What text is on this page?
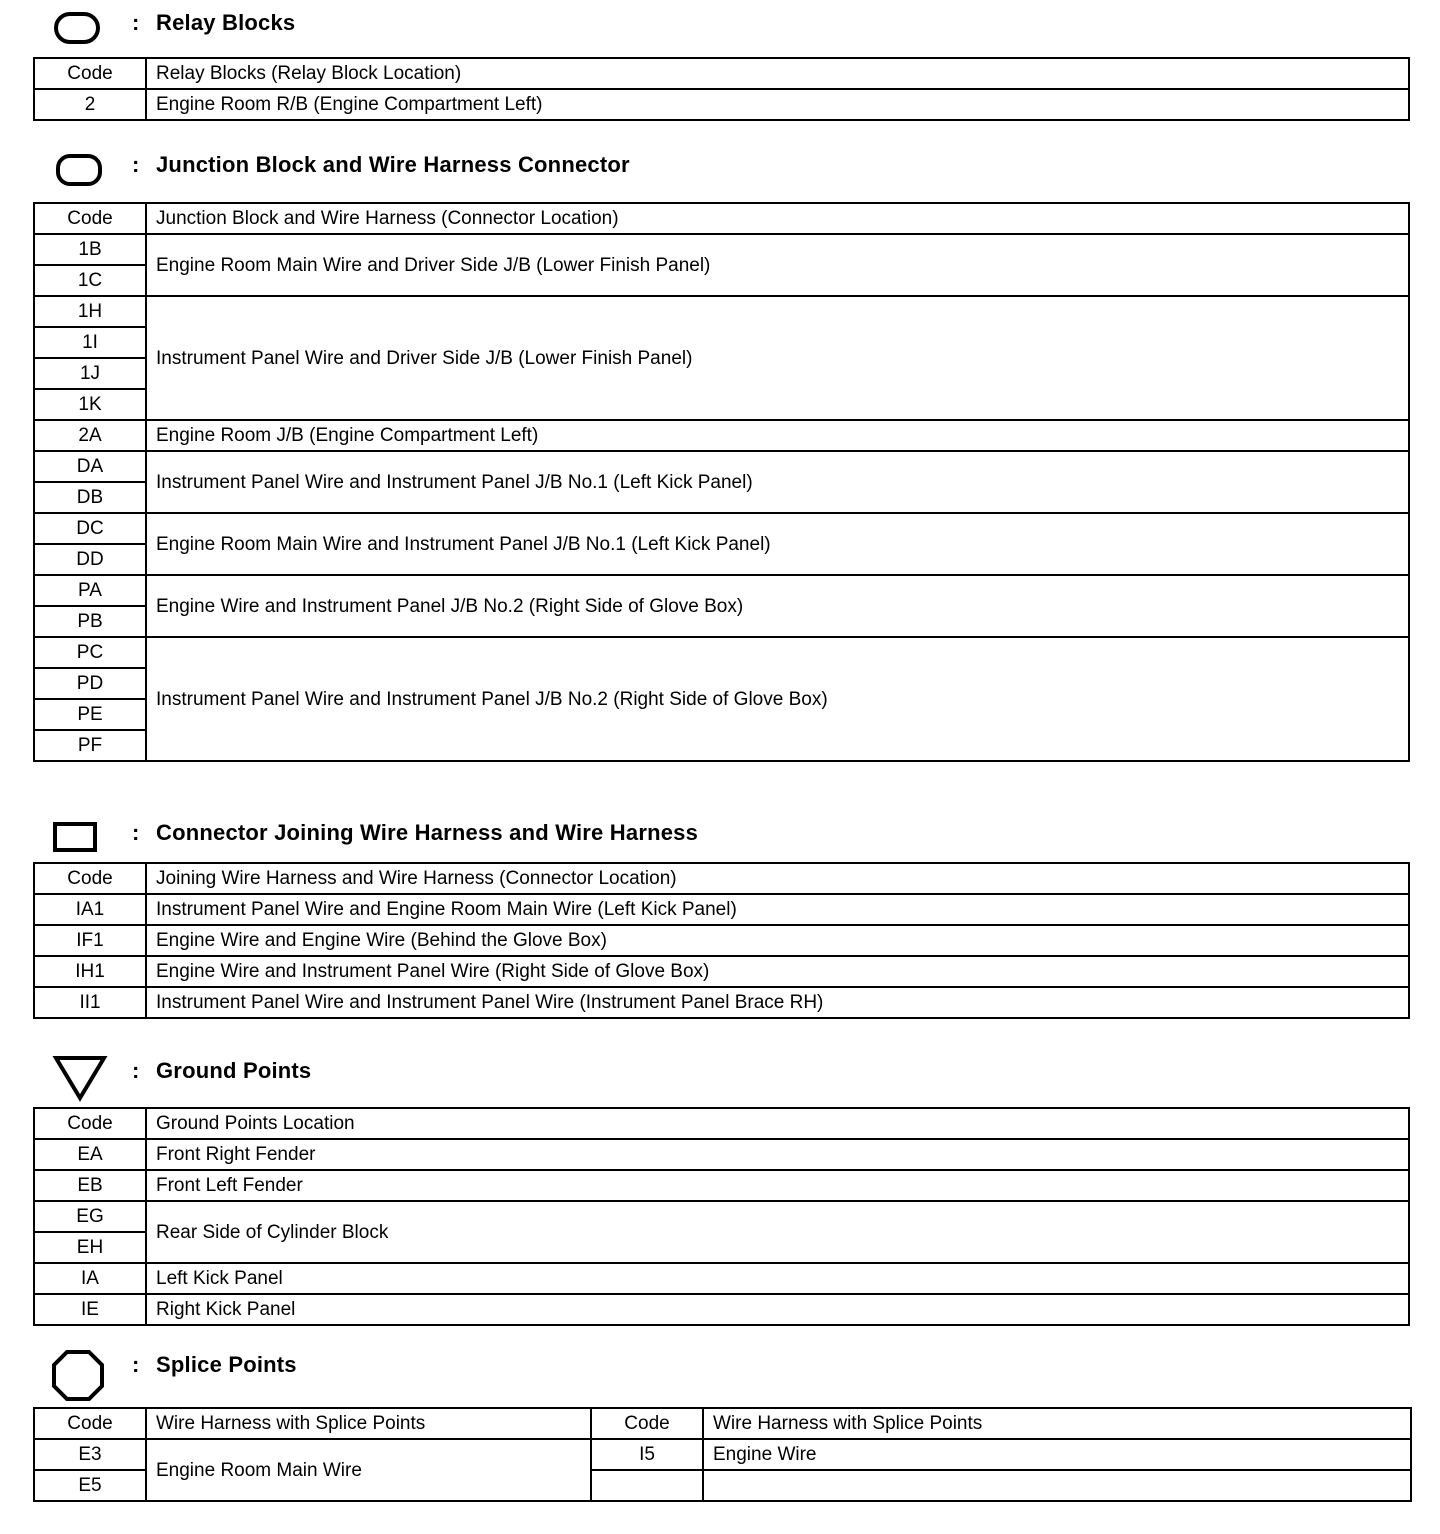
: Relay Blocks
Code	Relay Blocks (Relay Block Location)
2	Engine Room R/B (Engine Compartment Left)
: Junction Block and Wire Harness Connector
Code	Junction Block and Wire Harness (Connector Location)
1B	Engine Room Main Wire and Driver Side J/B (Lower Finish Panel)
1C	
1H	Instrument Panel Wire and Driver Side J/B (Lower Finish Panel)
1I	
1J	
1K	
2A	Engine Room J/B (Engine Compartment Left)
DA	Instrument Panel Wire and Instrument Panel J/B No.1 (Left Kick Panel)
DB	
DC	Engine Room Main Wire and Instrument Panel J/B No.1 (Left Kick Panel)
DD	
PA	Engine Wire and Instrument Panel J/B No.2 (Right Side of Glove Box)
PB	
PC	Instrument Panel Wire and Instrument Panel J/B No.2 (Right Side of Glove Box)
PD	
PE	
PF	
: Connector Joining Wire Harness and Wire Harness
Code	Joining Wire Harness and Wire Harness (Connector Location)
IA1	Instrument Panel Wire and Engine Room Main Wire (Left Kick Panel)
IF1	Engine Wire and Engine Wire (Behind the Glove Box)
IH1	Engine Wire and Instrument Panel Wire (Right Side of Glove Box)
II1	Instrument Panel Wire and Instrument Panel Wire (Instrument Panel Brace RH)
: Ground Points
Code	Ground Points Location
EA	Front Right Fender
EB	Front Left Fender
EG	Rear Side of Cylinder Block
EH	
IA	Left Kick Panel
IE	Right Kick Panel
: Splice Points
Code	Wire Harness with Splice Points	Code	Wire Harness with Splice Points
E3	Engine Room Main Wire	I5	Engine Wire
E5			
